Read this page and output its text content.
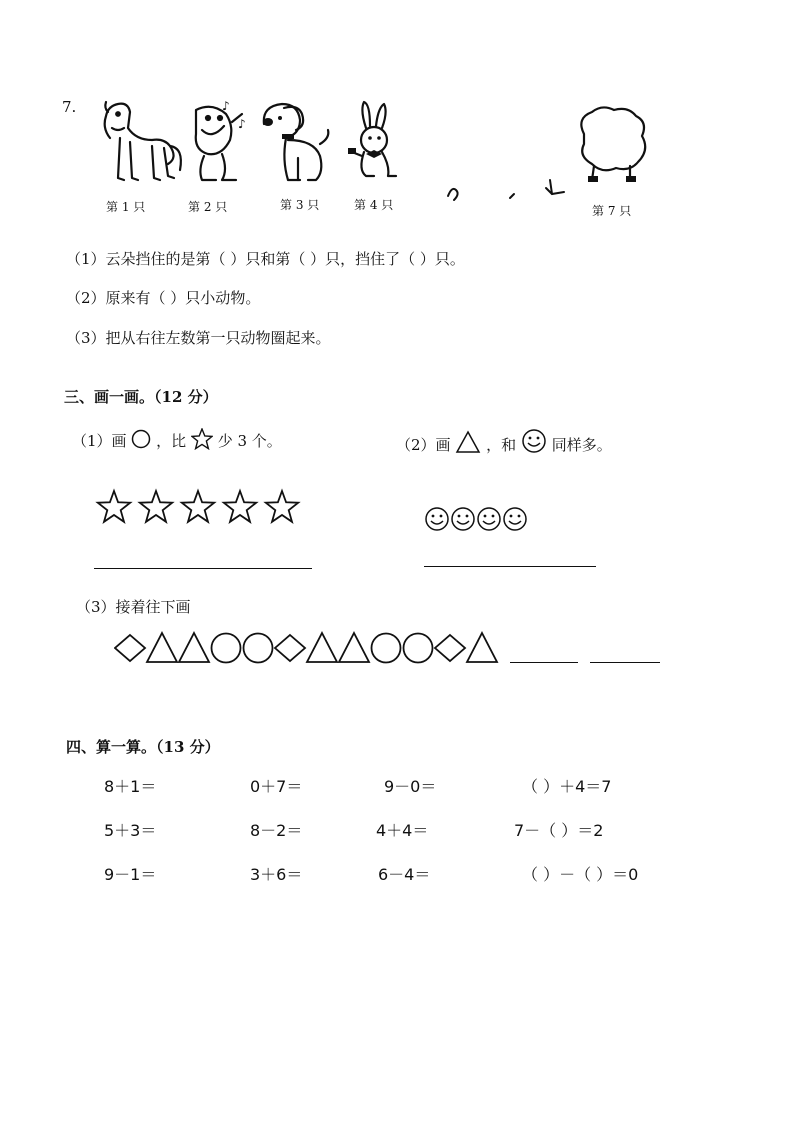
7.	♪
♪
第 1 只	第 2 只	第 3 只	第 4 只	第 7 只
（1）云朵挡住的是第（ ）只和第（ ）只，挡住了（ ）只。
（2）原来有（ ）只小动物。
（3）把从右往左数第一只动物圈起来。
三、画一画。（12 分）
（1）画 ，比 少 3 个。	（2）画 ，和 同样多。
（3）接着往下画
四、算一算。（13 分）
8＋1＝	0＋7＝	9－0＝	（ ）＋4＝7
5＋3＝	8－2＝	4＋4＝	7－（ ）＝2
9－1＝	3＋6＝	6－4＝	（ ）－（ ）＝0
